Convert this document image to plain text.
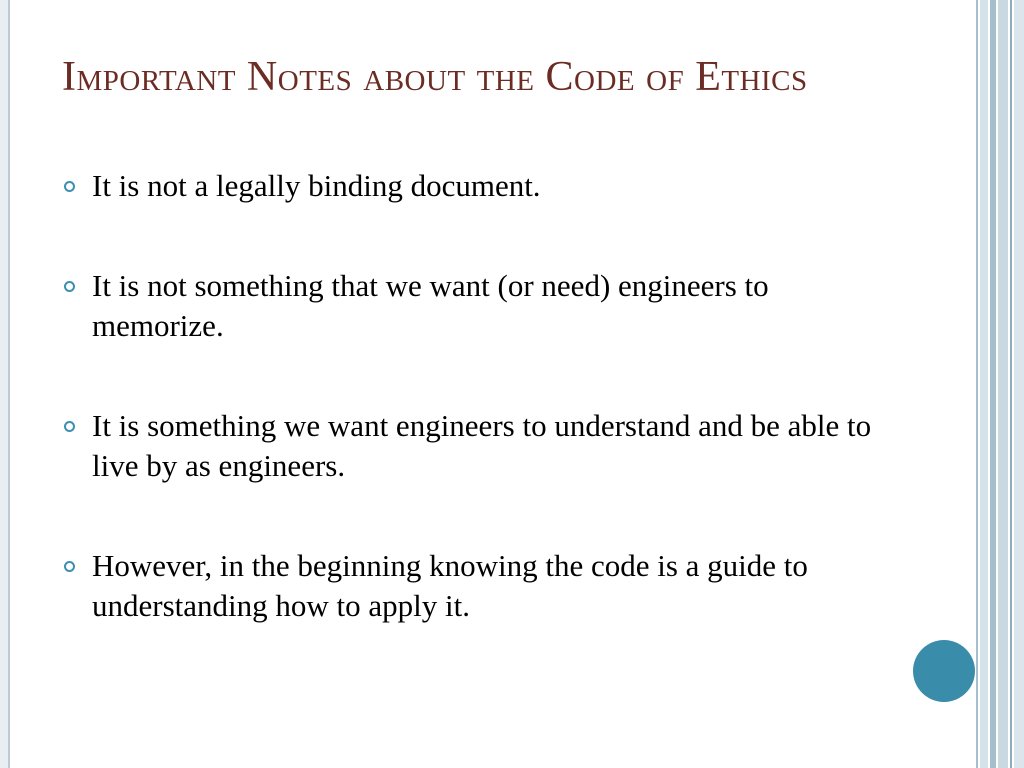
Important Notes about the Code of Ethics
It is not a legally binding document.
It is not something that we want (or need) engineers to memorize.
It is something we want engineers to understand and be able to live by as engineers.
However, in the beginning knowing the code is a guide to understanding how to apply it.
